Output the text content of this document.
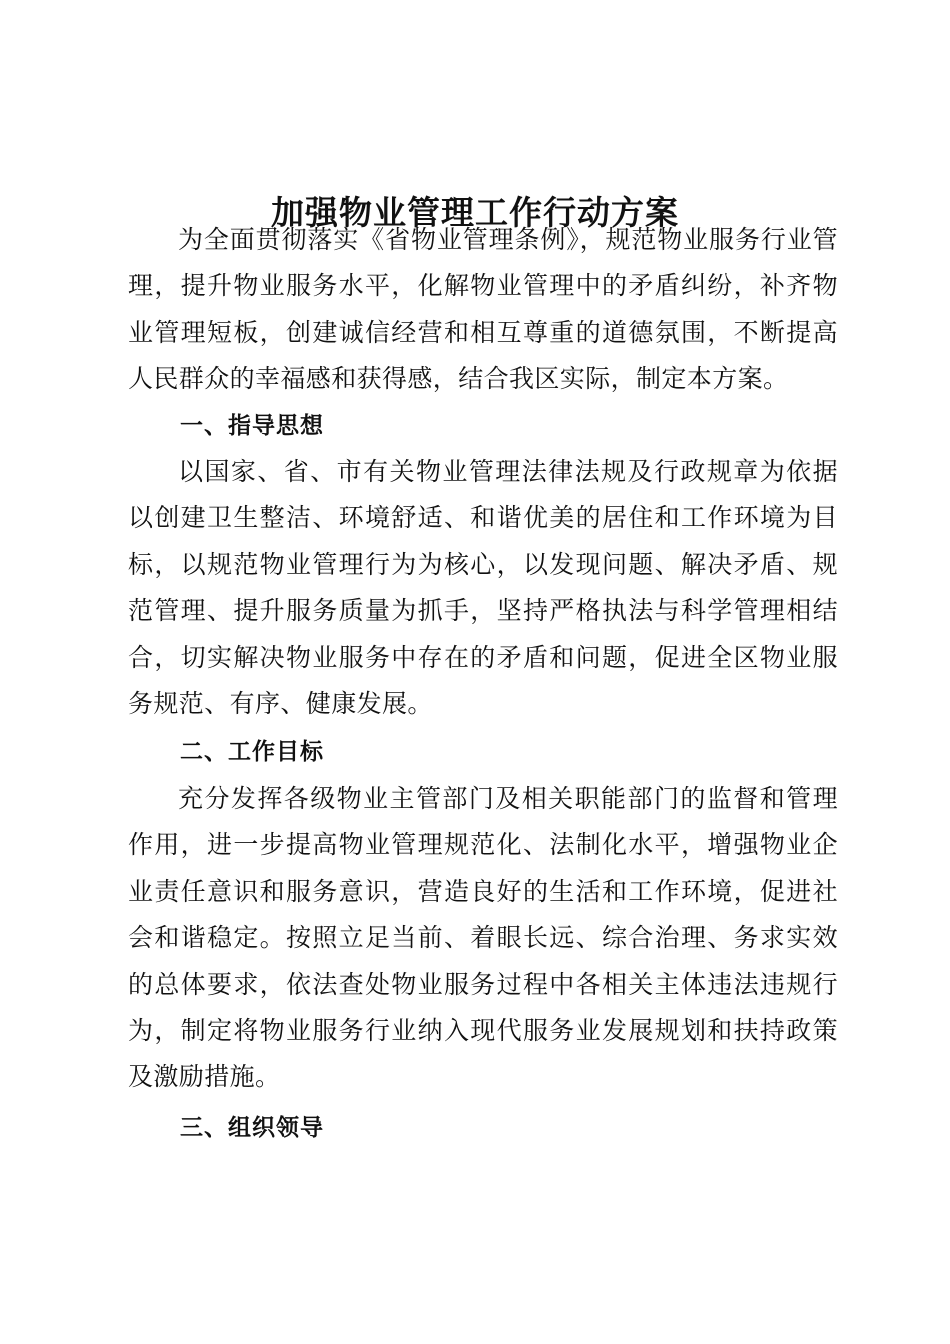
加强物业管理工作行动方案

为全面贯彻落实《省物业管理条例》，规范物业服务行业管理，提升物业服务水平，化解物业管理中的矛盾纠纷，补齐物业管理短板，创建诚信经营和相互尊重的道德氛围，不断提高人民群众的幸福感和获得感，结合我区实际，制定本方案。

一、指导思想

以国家、省、市有关物业管理法律法规及行政规章为依据以创建卫生整洁、环境舒适、和谐优美的居住和工作环境为目标，以规范物业管理行为为核心，以发现问题、解决矛盾、规范管理、提升服务质量为抓手，坚持严格执法与科学管理相结合，切实解决物业服务中存在的矛盾和问题，促进全区物业服务规范、有序、健康发展。

二、工作目标

充分发挥各级物业主管部门及相关职能部门的监督和管理作用，进一步提高物业管理规范化、法制化水平，增强物业企业责任意识和服务意识，营造良好的生活和工作环境，促进社会和谐稳定。按照立足当前、着眼长远、综合治理、务求实效的总体要求，依法查处物业服务过程中各相关主体违法违规行为，制定将物业服务行业纳入现代服务业发展规划和扶持政策及激励措施。

三、组织领导
